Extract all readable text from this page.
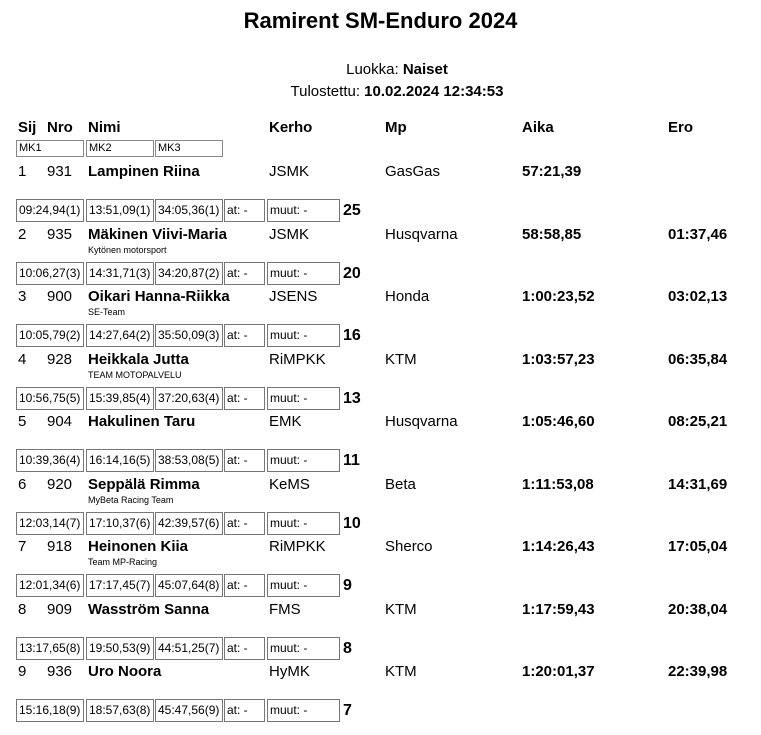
Ramirent SM-Enduro 2024
Luokka: Naiset
Tulostettu: 10.02.2024 12:34:53
Sij Nro Nimi	Kerho	Mp	Aika	Ero
MK1	MK2	MK3
1 931 Lampinen Riina	JSMK	GasGas	57:21,39
09:24,94(1) 13:51,09(1) 34:05,36(1) at: -	muut: -	25
2 935 Mäkinen Viivi-Maria	JSMK	Husqvarna	58:58,85	01:37,46
Kytönen motorsport
10:06,27(3) 14:31,71(3) 34:20,87(2) at: -	muut: -	20
3 900 Oikari Hanna-Riikka	JSENS	Honda	1:00:23,52	03:02,13
SE-Team
10:05,79(2) 14:27,64(2) 35:50,09(3) at: -	muut: -	16
4 928 Heikkala Jutta	RiMPKK	KTM	1:03:57,23	06:35,84
TEAM MOTOPALVELU
10:56,75(5) 15:39,85(4) 37:20,63(4) at: -	muut: -	13
5 904 Hakulinen Taru	EMK	Husqvarna	1:05:46,60	08:25,21
10:39,36(4) 16:14,16(5) 38:53,08(5) at: -	muut: -	11
6 920 Seppälä Rimma	KeMS	Beta	1:11:53,08	14:31,69
MyBeta Racing Team
12:03,14(7) 17:10,37(6) 42:39,57(6) at: -	muut: -	10
7 918 Heinonen Kiia	RiMPKK	Sherco	1:14:26,43	17:05,04
Team MP-Racing
12:01,34(6) 17:17,45(7) 45:07,64(8) at: -	muut: -	9
8 909 Wasström Sanna	FMS	KTM	1:17:59,43	20:38,04
13:17,65(8) 19:50,53(9) 44:51,25(7) at: -	muut: -	8
9 936 Uro Noora	HyMK	KTM	1:20:01,37	22:39,98
15:16,18(9) 18:57,63(8) 45:47,56(9) at: -	muut: -	7
